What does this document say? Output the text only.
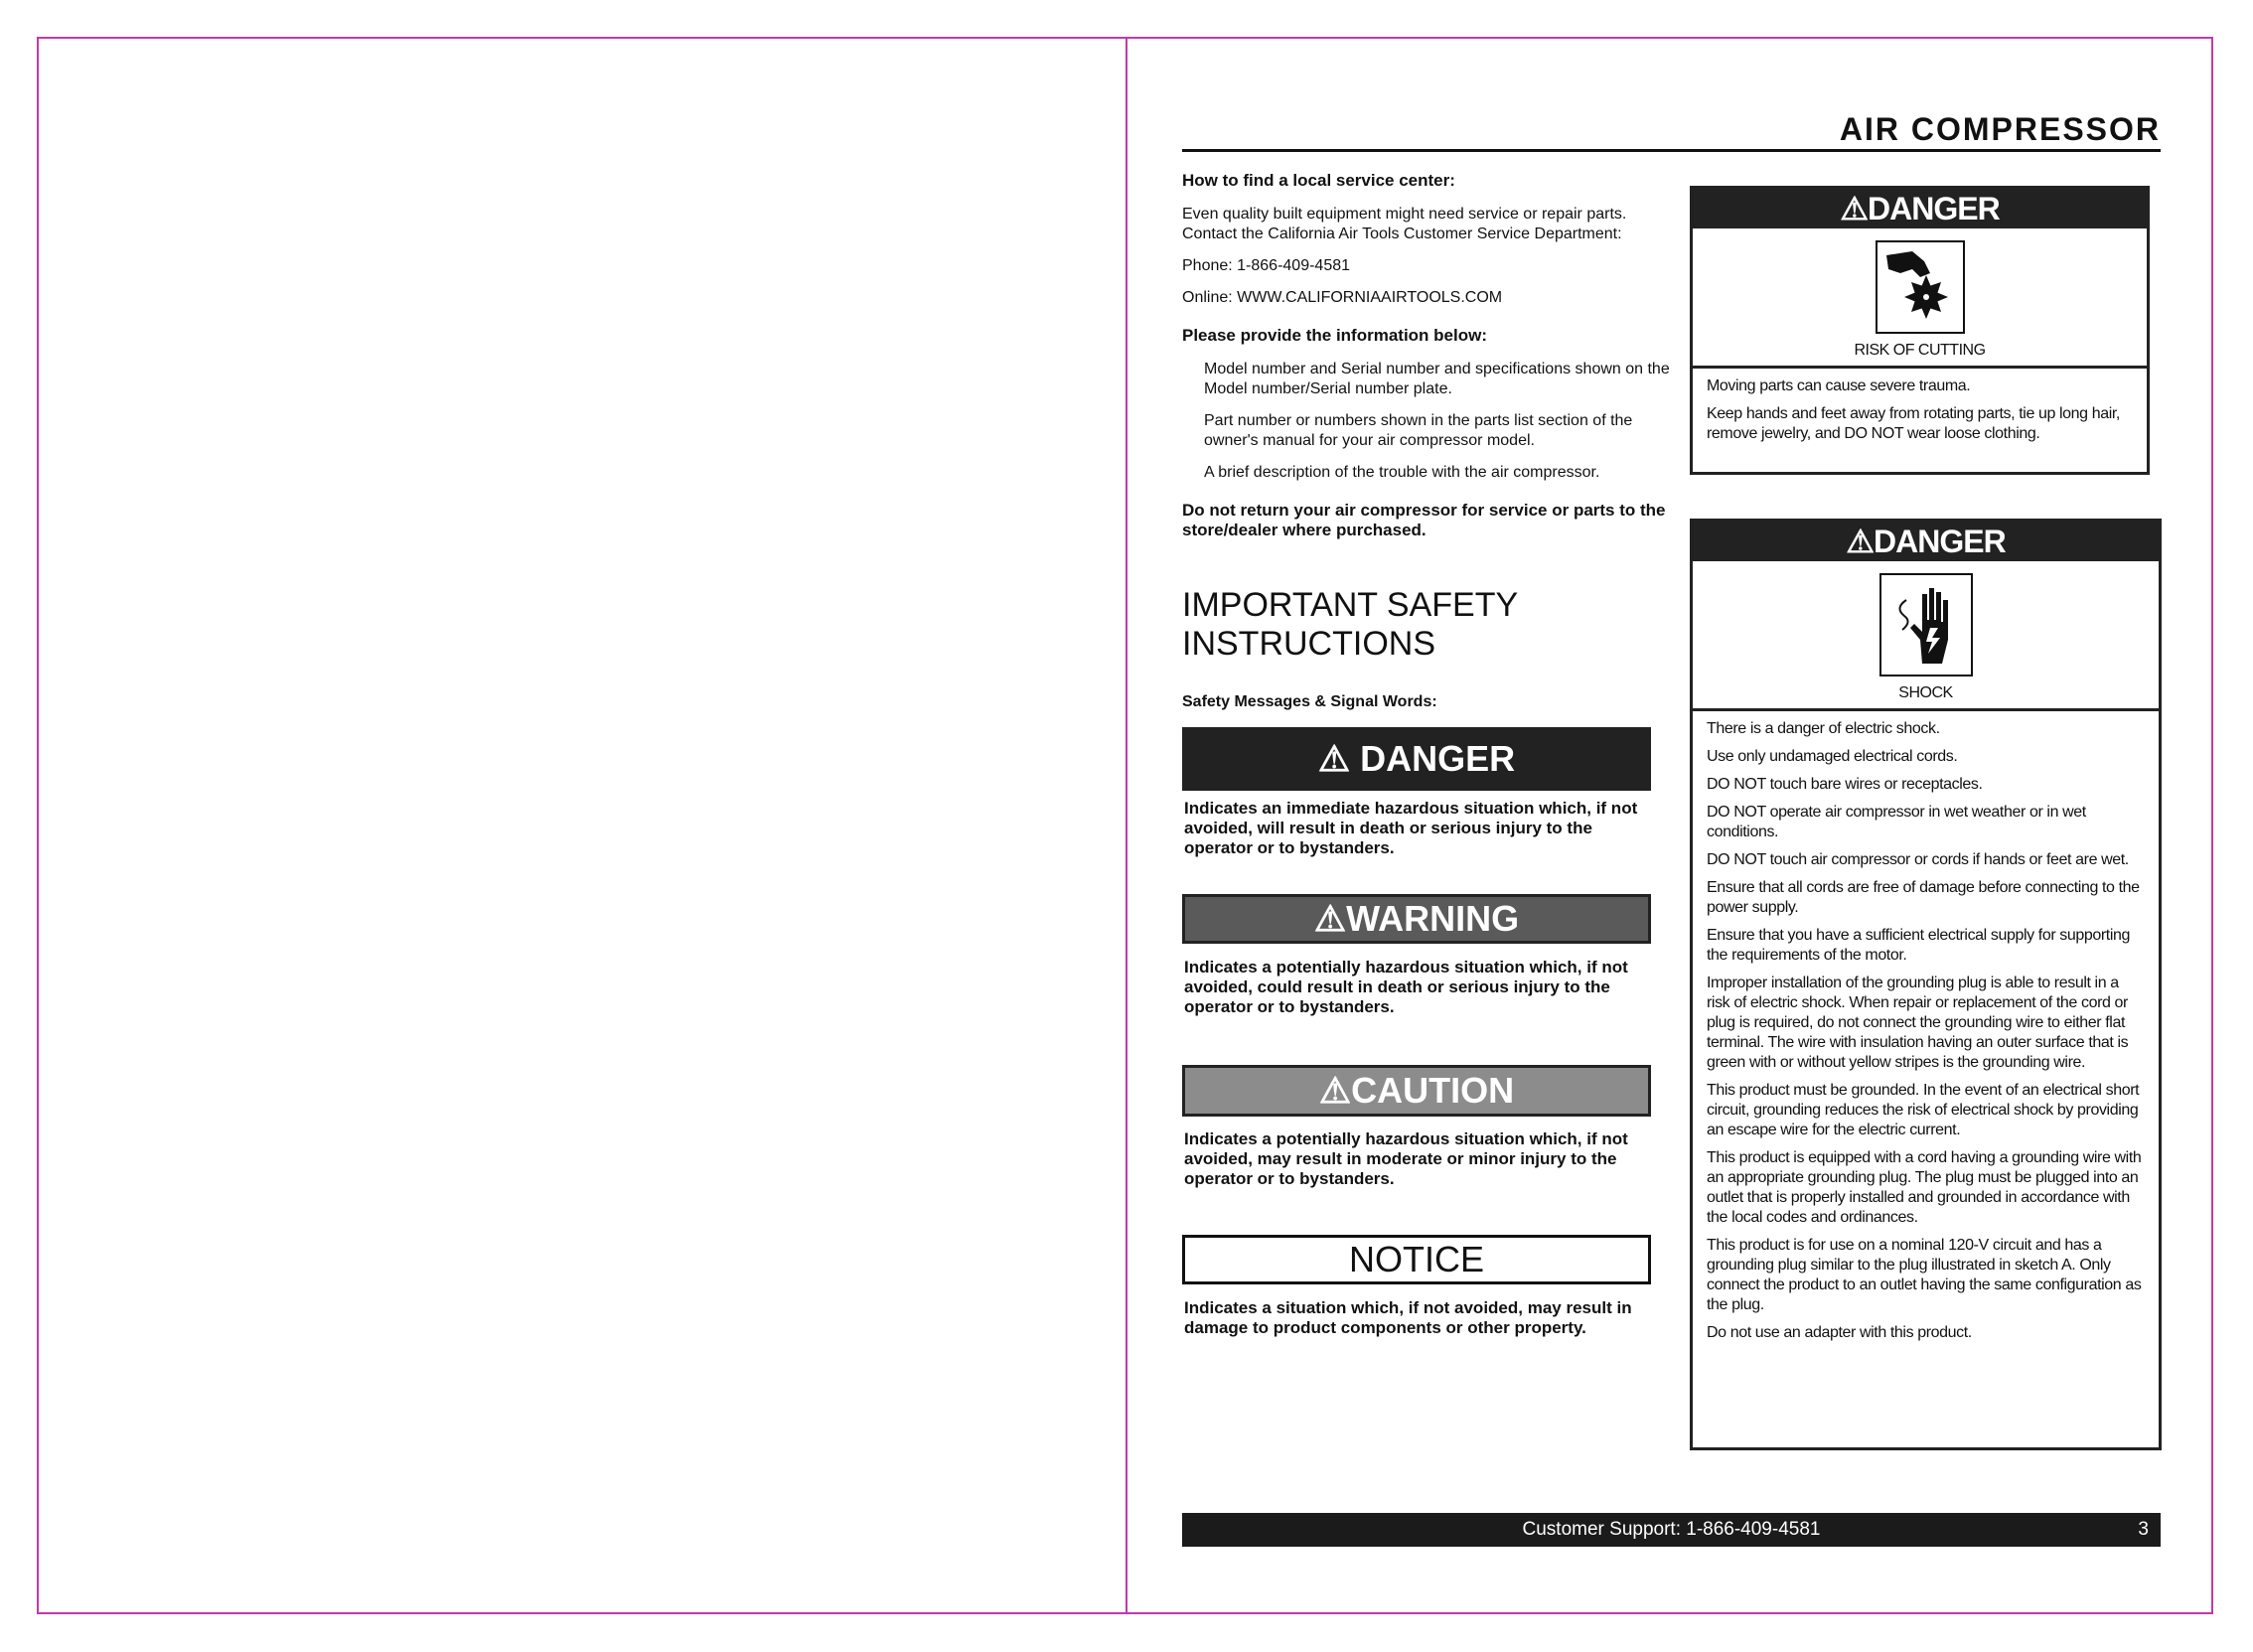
AIR COMPRESSOR
How to find a local service center:
Even quality built equipment might need service or repair parts.
Contact the California Air Tools Customer Service Department:
Phone: 1-866-409-4581
Online: WWW.CALIFORNIAAIRTOOLS.COM
Please provide the information below:
Model number and Serial number and specifications shown on the Model number/Serial number plate.
Part number or numbers shown in the parts list section of the owner's manual for your air compressor model.
A brief description of the trouble with the air compressor.
Do not return your air compressor for service or parts to the store/dealer where purchased.
IMPORTANT SAFETY
INSTRUCTIONS
Safety Messages & Signal Words:
⚠ DANGER
Indicates an immediate hazardous situation which, if not avoided, will result in death or serious injury to the operator or to bystanders.
⚠WARNING
Indicates a potentially hazardous situation which, if not avoided, could result in death or serious injury to the operator or to bystanders.
⚠CAUTION
Indicates a potentially hazardous situation which, if not avoided, may result in moderate or minor injury to the operator or to bystanders.
NOTICE
Indicates a situation which, if not avoided, may result in damage to product components or other property.
⚠DANGER
RISK OF CUTTING

Moving parts can cause severe trauma.

Keep hands and feet away from rotating parts, tie up long hair, remove jewelry, and DO NOT wear loose clothing.

⚠DANGER
SHOCK

There is a danger of electric shock.

Use only undamaged electrical cords.

DO NOT touch bare wires or receptacles.

DO NOT operate air compressor in wet weather or in wet conditions.

DO NOT touch air compressor or cords if hands or feet are wet.

Ensure that all cords are free of damage before connecting to the power supply.

Ensure that you have a sufficient electrical supply for supporting the requirements of the motor.

Improper installation of the grounding plug is able to result in a risk of electric shock. When repair or replacement of the cord or plug is required, do not connect the grounding wire to either flat terminal. The wire with insulation having an outer surface that is green with or without yellow stripes is the grounding wire.

This product must be grounded. In the event of an electrical short circuit, grounding reduces the risk of electrical shock by providing an escape wire for the electric current.

This product is equipped with a cord having a grounding wire with an appropriate grounding plug. The plug must be plugged into an outlet that is properly installed and grounded in accordance with the local codes and ordinances.

This product is for use on a nominal 120-V circuit and has a grounding plug similar to the plug illustrated in sketch A. Only connect the product to an outlet having the same configuration as the plug.

Do not use an adapter with this product.

Customer Support: 1-866-409-4581	3
